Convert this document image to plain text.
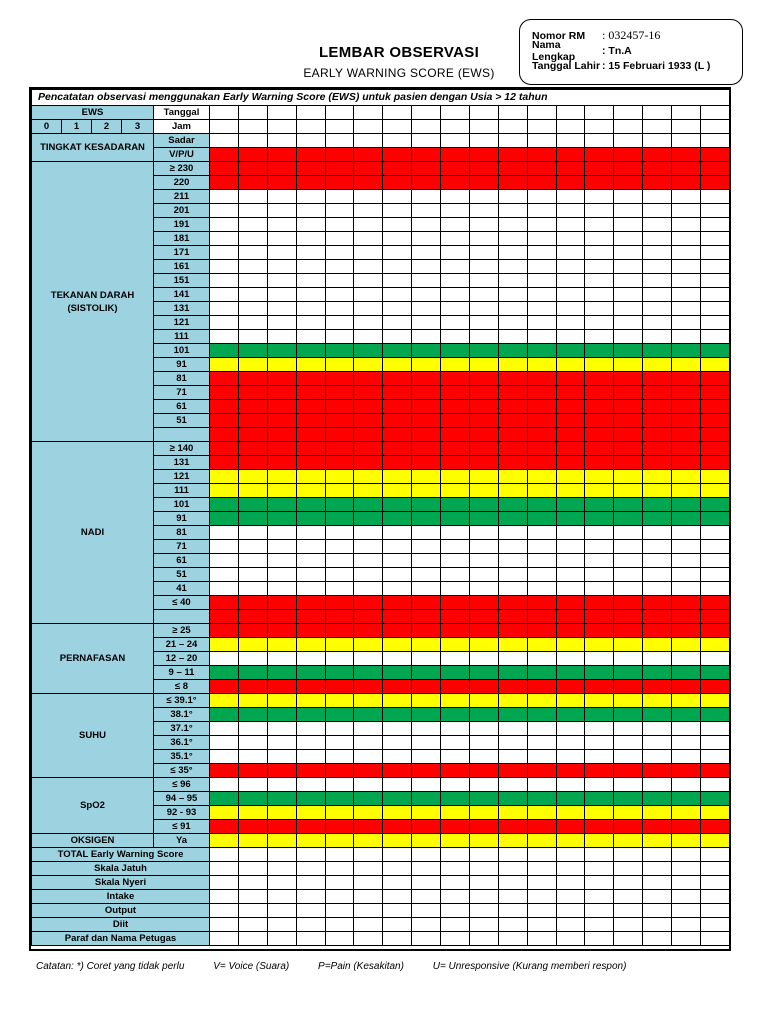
LEMBAR OBSERVASI
EARLY WARNING SCORE (EWS)
Nomor RM	: 032457-16
Nama Lengkap	: Tn.A
Tanggal Lahir : 15 Februari 1933 (L )
Pencatatan observasi menggunakan Early Warning Score (EWS) untuk pasien dengan Usia > 12 tahun																						
EWS				Tanggal																		
0	1	2	3	Jam																		
TINGKAT KESADARAN				Sadar																		
				V/P/U																		
TEKANAN DARAH (SISTOLIK)				≥ 230																		
				220																		
				211																		
				201																		
				191																		
				181																		
				171																		
				161																		
				151																		
				141																		
				131																		
				121																		
				111																		
				101																		
				91																		
				81																		
				71																		
				61																		
				51																		

NADI				≥ 140																		
				131																		
				121																		
				111																		
				101																		
				91																		
				81																		
				71																		
				61																		
				51																		
				41																		
				≤ 40																		

PERNAFASAN				≥ 25																		
				21 – 24																		
				12 – 20																		
				9 – 11																		
				≤ 8																		
SUHU				≤ 39.1°																		
				38.1°																		
				37.1°																		
				36.1°																		
				35.1°																		
				≤ 35°																		
SpO2				≤ 96																		
				94 – 95																		
				92 - 93																		
				≤ 91																		
OKSIGEN				Ya																		
TOTAL Early Warning Score																						
Skala Jatuh																						
Skala Nyeri																						
Intake																						
Output																						
Diit																						
Paraf dan Nama Petugas																						
Catatan: *) Coret yang tidak perlu	V= Voice (Suara)	P=Pain (Kesakitan)	U= Unresponsive (Kurang memberi respon)
